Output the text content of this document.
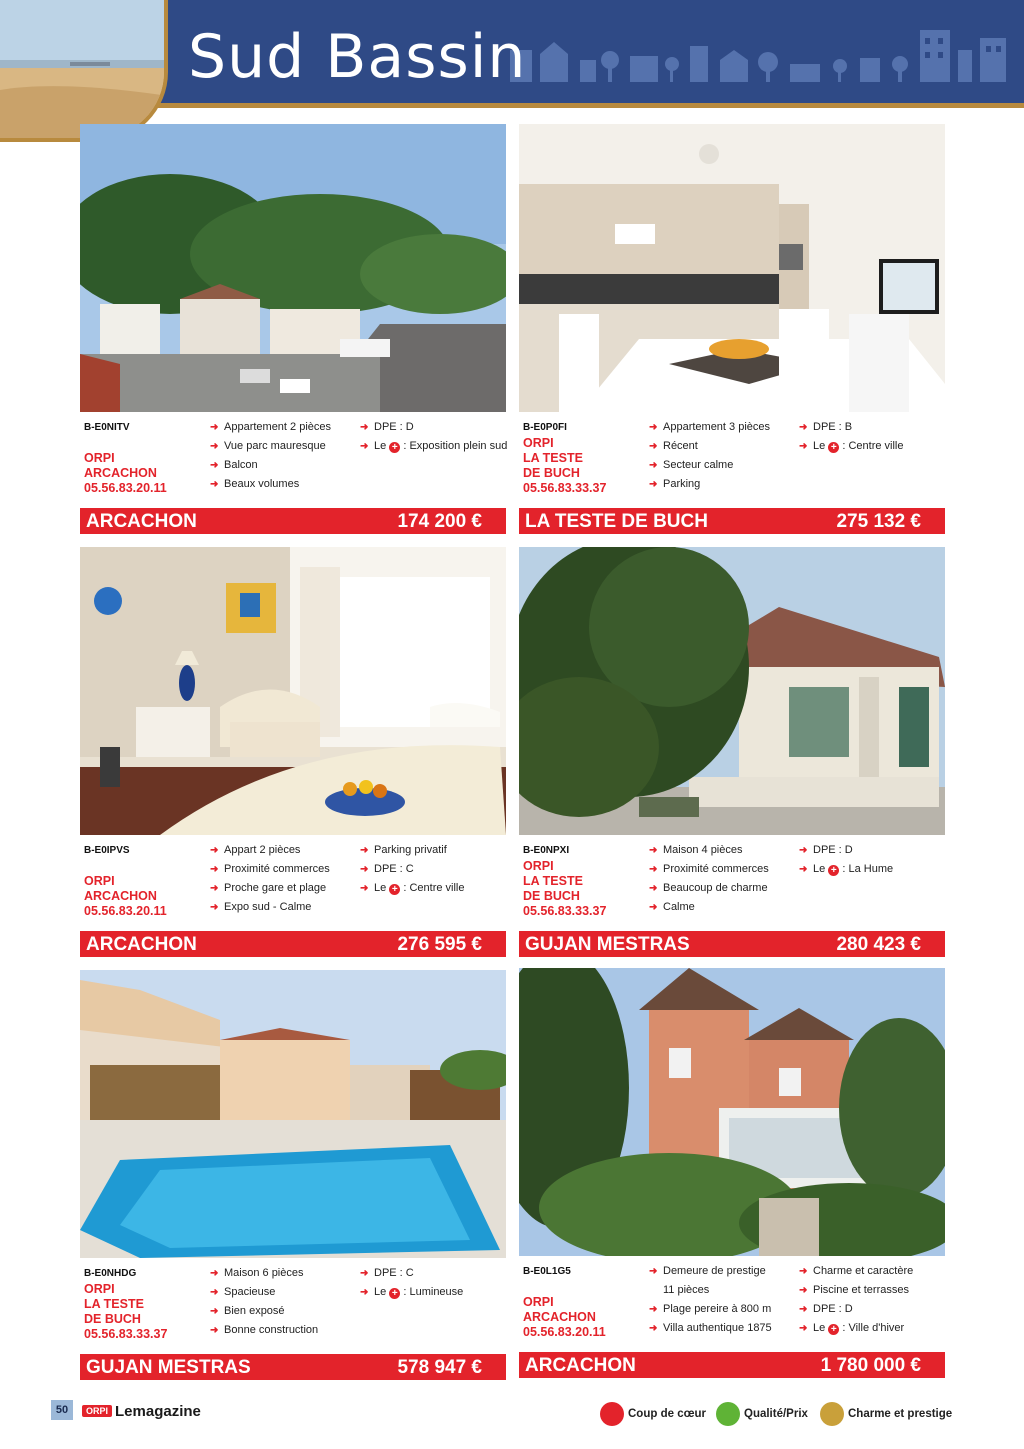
Sud Bassin
B-E0NITV
ORPI
ARCACHON
05.56.83.20.11
➜ Appartement 2 pièces
➜ Vue parc mauresque
➜ Balcon
➜ Beaux volumes
➜ DPE : D
➜ Le + : Exposition plein sud
ARCACHON	174 200 €
B-E0P0FI
ORPI
LA TESTE
DE BUCH
05.56.83.33.37
➜ Appartement 3 pièces
➜ Récent
➜ Secteur calme
➜ Parking
➜ DPE : B
➜ Le + : Centre ville
LA TESTE DE BUCH	275 132 €
B-E0IPVS
ORPI
ARCACHON
05.56.83.20.11
➜ Appart 2 pièces
➜ Proximité commerces
➜ Proche gare et plage
➜ Expo sud - Calme
➜ Parking privatif
➜ DPE : C
➜ Le + : Centre ville
ARCACHON	276 595 €
B-E0NPXI
ORPI
LA TESTE
DE BUCH
05.56.83.33.37
➜ Maison 4 pièces
➜ Proximité commerces
➜ Beaucoup de charme
➜ Calme
➜ DPE : D
➜ Le + : La Hume
GUJAN MESTRAS	280 423 €
B-E0NHDG
ORPI
LA TESTE
DE BUCH
05.56.83.33.37
➜ Maison 6 pièces
➜ Spacieuse
➜ Bien exposé
➜ Bonne construction
➜ DPE : C
➜ Le + : Lumineuse
GUJAN MESTRAS	578 947 €
B-E0L1G5
ORPI
ARCACHON
05.56.83.20.11
➜ Demeure de prestige
11 pièces
➜ Plage pereire à 800 m
➜ Villa authentique 1875
➜ Charme et caractère
➜ Piscine et terrasses
➜ DPE : D
➜ Le + : Ville d'hiver
ARCACHON	1 780 000 €
50	ORPI Lemagazine	Coup de cœur	Qualité/Prix	Charme et prestige
